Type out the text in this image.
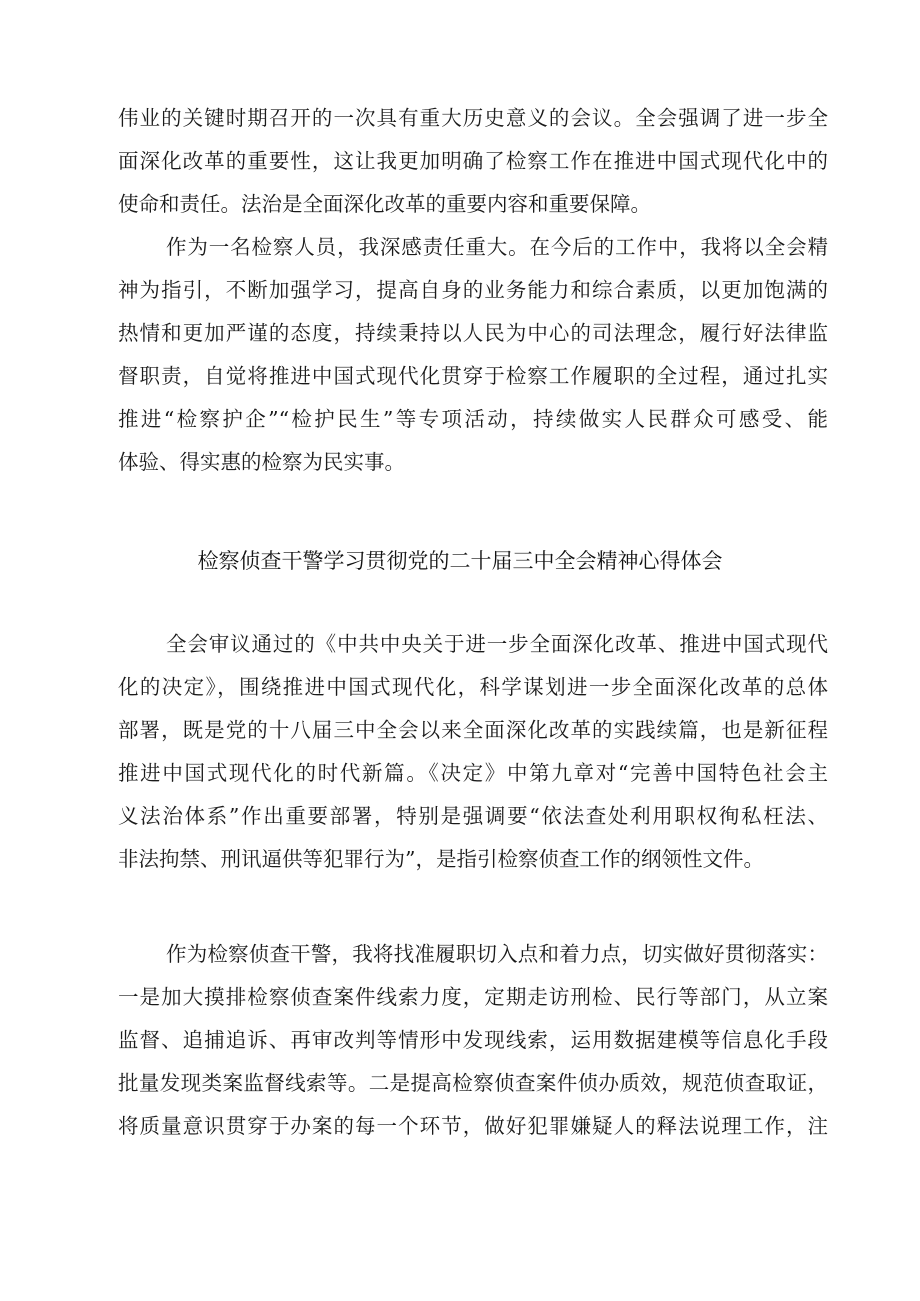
伟业的关键时期召开的一次具有重大历史意义的会议。全会强调了进一步全
面深化改革的重要性，这让我更加明确了检察工作在推进中国式现代化中的
使命和责任。法治是全面深化改革的重要内容和重要保障。
作为一名检察人员，我深感责任重大。在今后的工作中，我将以全会精
神为指引，不断加强学习，提高自身的业务能力和综合素质，以更加饱满的
热情和更加严谨的态度，持续秉持以人民为中心的司法理念，履行好法律监
督职责，自觉将推进中国式现代化贯穿于检察工作履职的全过程，通过扎实
推进“检察护企”“检护民生”等专项活动，持续做实人民群众可感受、能
体验、得实惠的检察为民实事。
检察侦查干警学习贯彻党的二十届三中全会精神心得体会
全会审议通过的《中共中央关于进一步全面深化改革、推进中国式现代
化的决定》，围绕推进中国式现代化，科学谋划进一步全面深化改革的总体
部署，既是党的十八届三中全会以来全面深化改革的实践续篇，也是新征程
推进中国式现代化的时代新篇。《决定》中第九章对“完善中国特色社会主
义法治体系”作出重要部署，特别是强调要“依法查处利用职权徇私枉法、
非法拘禁、刑讯逼供等犯罪行为”，是指引检察侦查工作的纲领性文件。
作为检察侦查干警，我将找准履职切入点和着力点，切实做好贯彻落实：
一是加大摸排检察侦查案件线索力度，定期走访刑检、民行等部门，从立案
监督、追捕追诉、再审改判等情形中发现线索，运用数据建模等信息化手段
批量发现类案监督线索等。二是提高检察侦查案件侦办质效，规范侦查取证，
将质量意识贯穿于办案的每一个环节，做好犯罪嫌疑人的释法说理工作，注
